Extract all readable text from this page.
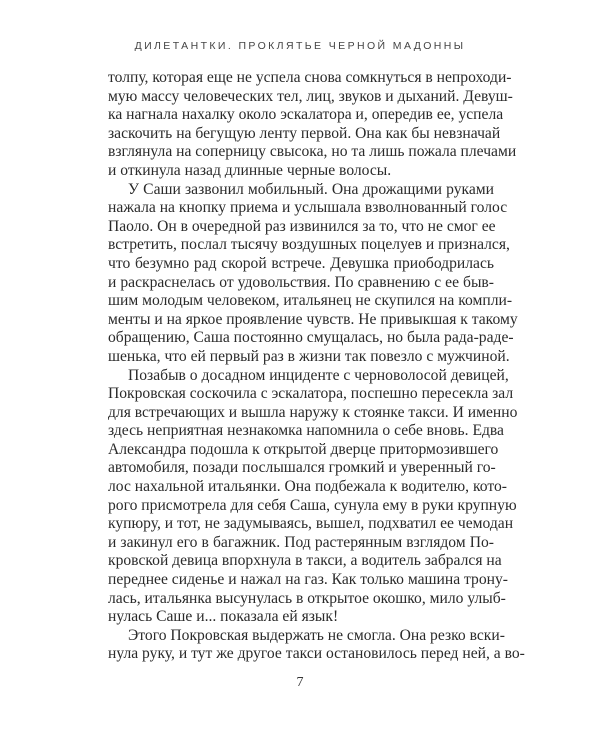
ДИЛЕТАНТКИ. ПРОКЛЯТЬЕ ЧЕРНОЙ МАДОННЫ
толпу, которая еще не успела снова сомкнуться в непроходи-
мую массу человеческих тел, лиц, звуков и дыханий. Девуш-
ка нагнала нахалку около эскалатора и, опередив ее, успела
заскочить на бегущую ленту первой. Она как бы невзначай
взглянула на соперницу свысока, но та лишь пожала плечами
и откинула назад длинные черные волосы.
У Саши зазвонил мобильный. Она дрожащими руками
нажала на кнопку приема и услышала взволнованный голос
Паоло. Он в очередной раз извинился за то, что не смог ее
встретить, послал тысячу воздушных поцелуев и признался,
что безумно рад скорой встрече. Девушка приободрилась
и раскраснелась от удовольствия. По сравнению с ее быв-
шим молодым человеком, итальянец не скупился на компли-
менты и на яркое проявление чувств. Не привыкшая к такому
обращению, Саша постоянно смущалась, но была рада-раде-
шенька, что ей первый раз в жизни так повезло с мужчиной.
Позабыв о досадном инциденте с черноволосой девицей,
Покровская соскочила с эскалатора, поспешно пересекла зал
для встречающих и вышла наружу к стоянке такси. И именно
здесь неприятная незнакомка напомнила о себе вновь. Едва
Александра подошла к открытой дверце притормозившего
автомобиля, позади послышался громкий и уверенный го-
лос нахальной итальянки. Она подбежала к водителю, кото-
рого присмотрела для себя Саша, сунула ему в руки крупную
купюру, и тот, не задумываясь, вышел, подхватил ее чемодан
и закинул его в багажник. Под растерянным взглядом По-
кровской девица впорхнула в такси, а водитель забрался на
переднее сиденье и нажал на газ. Как только машина трону-
лась, итальянка высунулась в открытое окошко, мило улыб-
нулась Саше и... показала ей язык!
Этого Покровская выдержать не смогла. Она резко вски-
нула руку, и тут же другое такси остановилось перед ней, а во-
7
